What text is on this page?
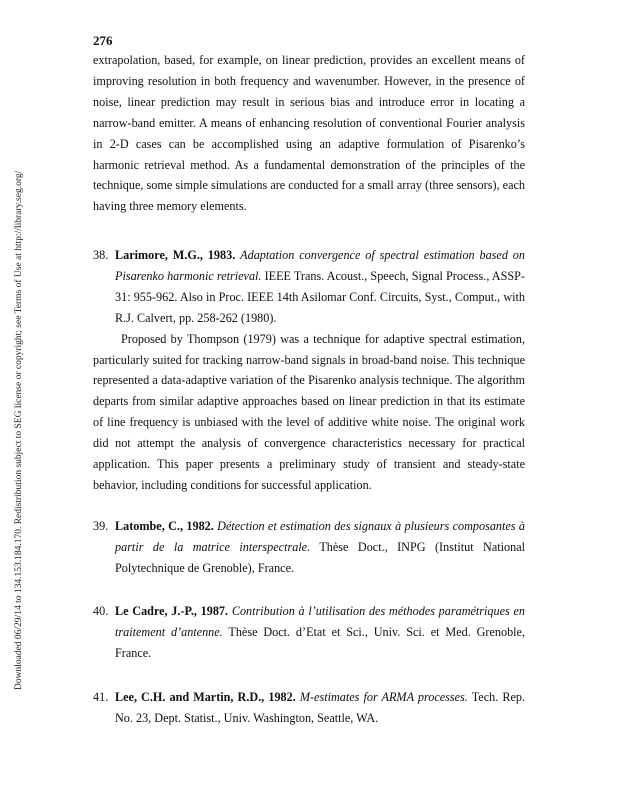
276
Downloaded 06/29/14 to 134.153.184.170. Redistribution subject to SEG license or copyright; see Terms of Use at http://library.seg.org/

extrapolation, based, for example, on linear prediction, provides an excellent means of improving resolution in both frequency and wavenumber. However, in the presence of noise, linear prediction may result in serious bias and introduce error in locating a narrow-band emitter. A means of enhancing resolution of conventional Fourier analysis in 2-D cases can be accomplished using an adaptive formulation of Pisarenko’s harmonic retrieval method. As a fundamental demonstration of the principles of the technique, some simple simulations are conducted for a small array (three sensors), each having three memory elements.

38. Larimore, M.G., 1983. Adaptation convergence of spectral estimation based on Pisarenko harmonic retrieval. IEEE Trans. Acoust., Speech, Signal Process., ASSP-31: 955-962. Also in Proc. IEEE 14th Asilomar Conf. Circuits, Syst., Comput., with R.J. Calvert, pp. 258-262 (1980).

Proposed by Thompson (1979) was a technique for adaptive spectral estimation, particularly suited for tracking narrow-band signals in broad-band noise. This technique represented a data-adaptive variation of the Pisarenko analysis technique. The algorithm departs from similar adaptive approaches based on linear prediction in that its estimate of line frequency is unbiased with the level of additive white noise. The original work did not attempt the analysis of convergence characteristics necessary for practical application. This paper presents a preliminary study of transient and steady-state behavior, including conditions for successful application.

39. Latombe, C., 1982. Détection et estimation des signaux à plusieurs composantes à partir de la matrice interspectrale. Thèse Doct., INPG (Institut National Polytechnique de Grenoble), France.
40. Le Cadre, J.-P., 1987. Contribution à l’utilisation des méthodes paramétriques en traitement d’antenne. Thèse Doct. d’Etat et Sci., Univ. Sci. et Med. Grenoble, France.
41. Lee, C.H. and Martin, R.D., 1982. M-estimates for ARMA processes. Tech. Rep. No. 23, Dept. Statist., Univ. Washington, Seattle, WA.
